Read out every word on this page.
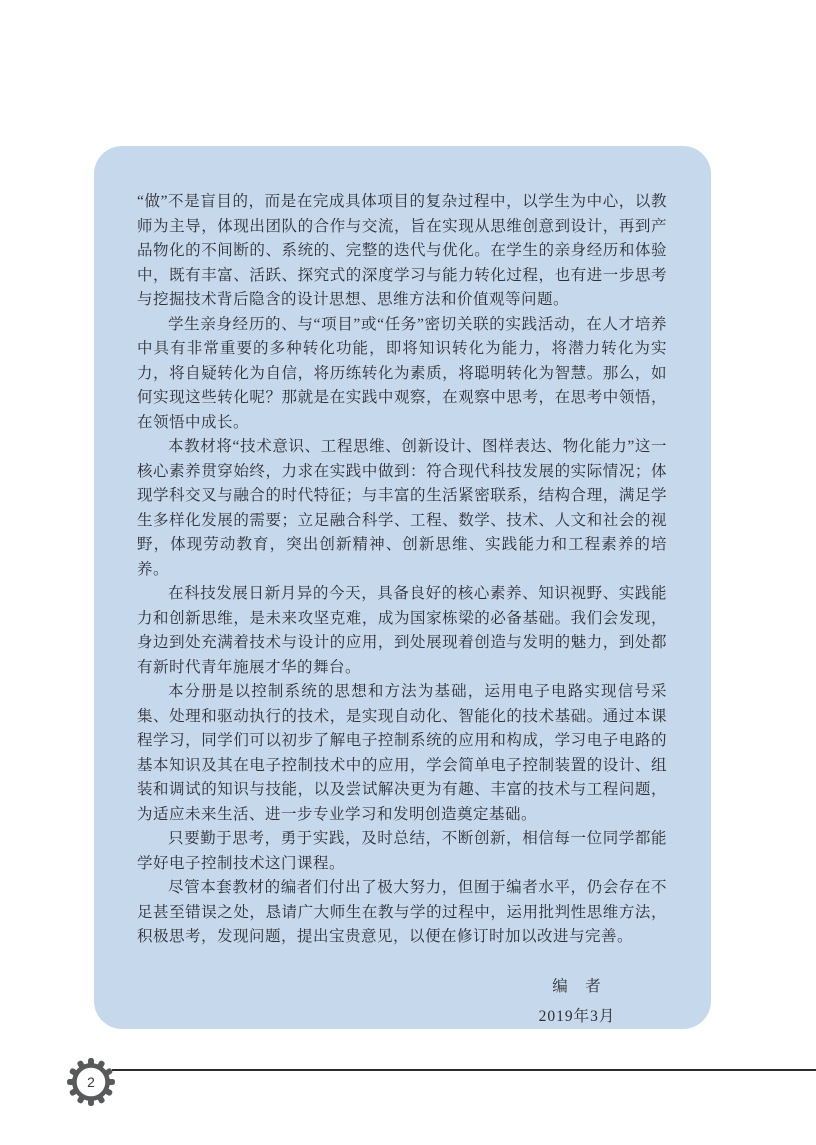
“做”不是盲目的，而是在完成具体项目的复杂过程中，以学生为中心，以教师为主导，体现出团队的合作与交流，旨在实现从思维创意到设计，再到产品物化的不间断的、系统的、完整的迭代与优化。在学生的亲身经历和体验中，既有丰富、活跃、探究式的深度学习与能力转化过程，也有进一步思考与挖掘技术背后隐含的设计思想、思维方法和价值观等问题。

学生亲身经历的、与“项目”或“任务”密切关联的实践活动，在人才培养中具有非常重要的多种转化功能，即将知识转化为能力，将潜力转化为实力，将自疑转化为自信，将历练转化为素质，将聪明转化为智慧。那么，如何实现这些转化呢？那就是在实践中观察，在观察中思考，在思考中领悟，在领悟中成长。

本教材将“技术意识、工程思维、创新设计、图样表达、物化能力”这一核心素养贯穿始终，力求在实践中做到：符合现代科技发展的实际情况；体现学科交叉与融合的时代特征；与丰富的生活紧密联系，结构合理，满足学生多样化发展的需要；立足融合科学、工程、数学、技术、人文和社会的视野，体现劳动教育，突出创新精神、创新思维、实践能力和工程素养的培养。

在科技发展日新月异的今天，具备良好的核心素养、知识视野、实践能力和创新思维，是未来攻坚克难，成为国家栋梁的必备基础。我们会发现，身边到处充满着技术与设计的应用，到处展现着创造与发明的魅力，到处都有新时代青年施展才华的舞台。

本分册是以控制系统的思想和方法为基础，运用电子电路实现信号采集、处理和驱动执行的技术，是实现自动化、智能化的技术基础。通过本课程学习，同学们可以初步了解电子控制系统的应用和构成，学习电子电路的基本知识及其在电子控制技术中的应用，学会简单电子控制装置的设计、组装和调试的知识与技能，以及尝试解决更为有趣、丰富的技术与工程问题，为适应未来生活、进一步专业学习和发明创造奠定基础。

只要勤于思考，勇于实践，及时总结，不断创新，相信每一位同学都能学好电子控制技术这门课程。

尽管本套教材的编者们付出了极大努力，但囿于编者水平，仍会存在不足甚至错误之处，恳请广大师生在教与学的过程中，运用批判性思维方法，积极思考，发现问题，提出宝贵意见，以便在修订时加以改进与完善。

编　者
2019年3月
2
